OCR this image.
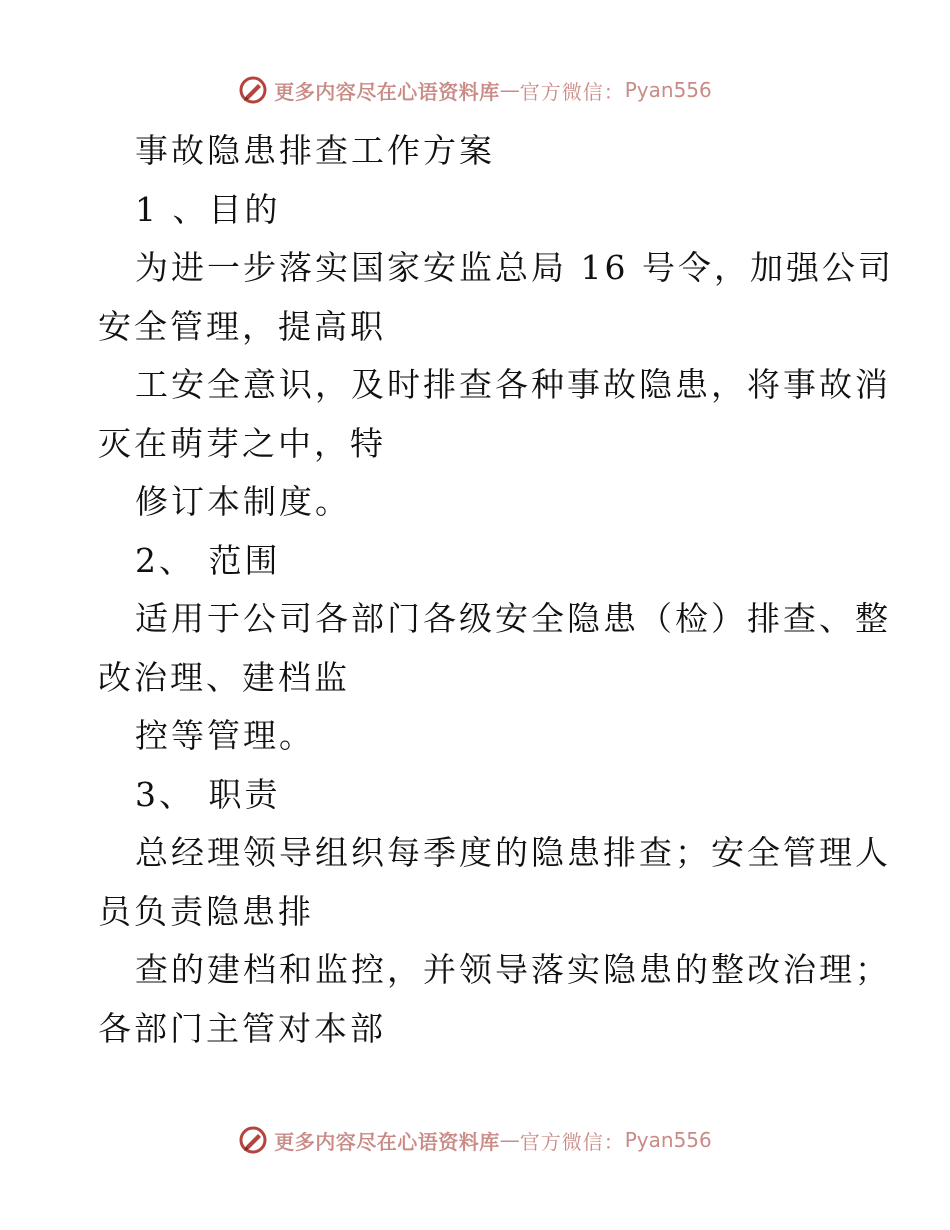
更多内容尽在心语资料库 — 官方微信： Pyan556
事故隐患排查工作方案
1 、目的
为进一步落实国家安监总局 16 号令，加强公司
安全管理，提高职
工安全意识，及时排查各种事故隐患，将事故消
灭在萌芽之中，特
修订本制度。
2、 范围
适用于公司各部门各级安全隐患（检）排查、整
改治理、建档监
控等管理。
3、 职责
总经理领导组织每季度的隐患排查；安全管理人
员负责隐患排
查的建档和监控，并领导落实隐患的整改治理；
各部门主管对本部
更多内容尽在心语资料库 — 官方微信： Pyan556
